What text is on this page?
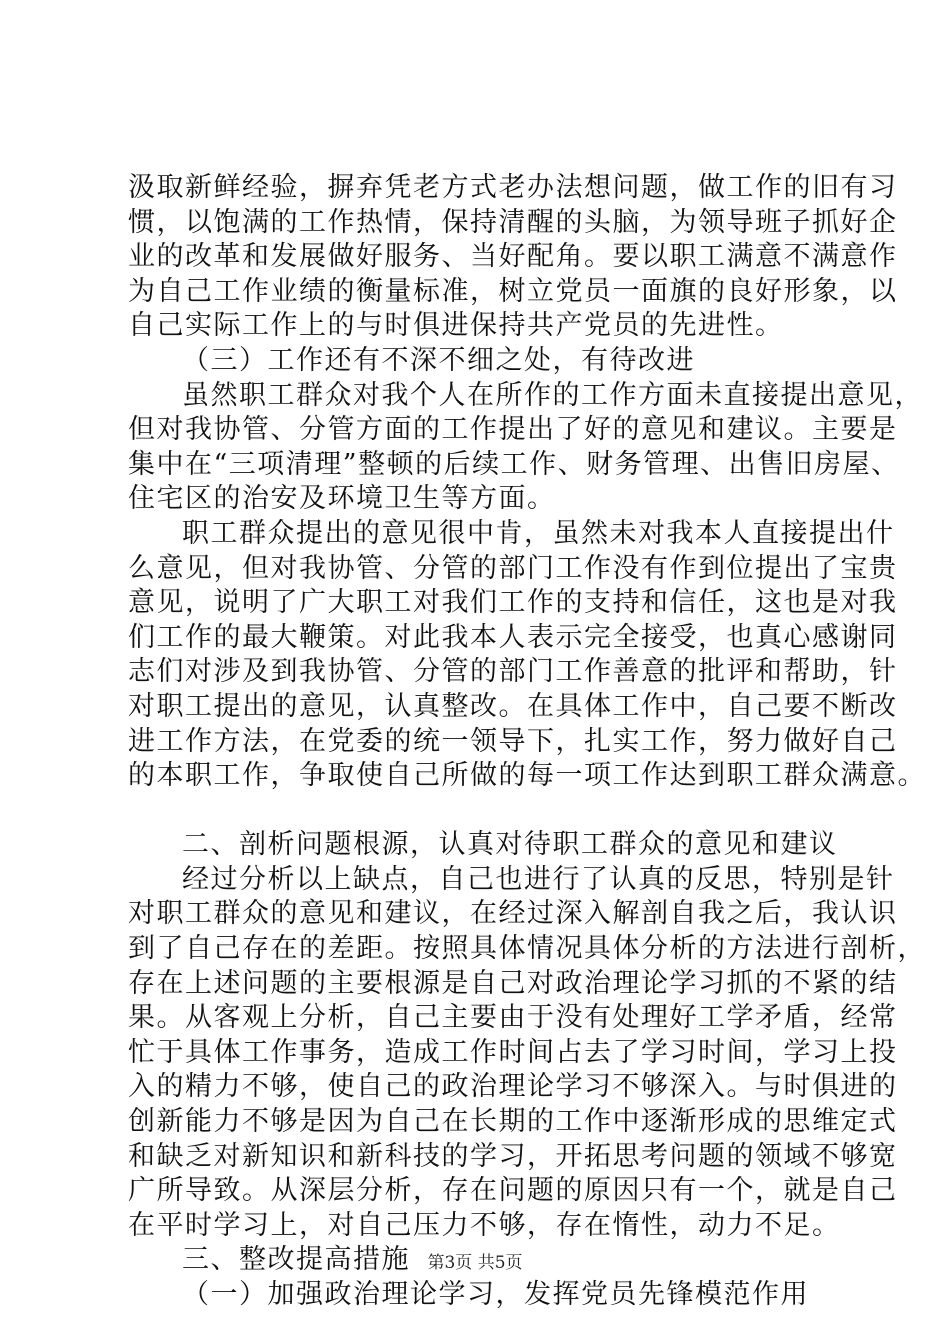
汲取新鲜经验，摒弃凭老方式老办法想问题，做工作的旧有习
惯，以饱满的工作热情，保持清醒的头脑，为领导班子抓好企
业的改革和发展做好服务、当好配角。要以职工满意不满意作
为自己工作业绩的衡量标准，树立党员一面旗的良好形象，以
自己实际工作上的与时俱进保持共产党员的先进性。
（三）工作还有不深不细之处，有待改进
虽然职工群众对我个人在所作的工作方面未直接提出意见，
但对我协管、分管方面的工作提出了好的意见和建议。主要是
集中在“三项清理”整顿的后续工作、财务管理、出售旧房屋、
住宅区的治安及环境卫生等方面。
职工群众提出的意见很中肯，虽然未对我本人直接提出什
么意见，但对我协管、分管的部门工作没有作到位提出了宝贵
意见，说明了广大职工对我们工作的支持和信任，这也是对我
们工作的最大鞭策。对此我本人表示完全接受，也真心感谢同
志们对涉及到我协管、分管的部门工作善意的批评和帮助，针
对职工提出的意见，认真整改。在具体工作中，自己要不断改
进工作方法，在党委的统一领导下，扎实工作，努力做好自己
的本职工作，争取使自己所做的每一项工作达到职工群众满意。
二、剖析问题根源，认真对待职工群众的意见和建议
经过分析以上缺点，自己也进行了认真的反思，特别是针
对职工群众的意见和建议，在经过深入解剖自我之后，我认识
到了自己存在的差距。按照具体情况具体分析的方法进行剖析，
存在上述问题的主要根源是自己对政治理论学习抓的不紧的结
果。从客观上分析，自己主要由于没有处理好工学矛盾，经常
忙于具体工作事务，造成工作时间占去了学习时间，学习上投
入的精力不够，使自己的政治理论学习不够深入。与时俱进的
创新能力不够是因为自己在长期的工作中逐渐形成的思维定式
和缺乏对新知识和新科技的学习，开拓思考问题的领域不够宽
广所导致。从深层分析，存在问题的原因只有一个，就是自己
在平时学习上，对自己压力不够，存在惰性，动力不足。
三、整改提高措施
（一）加强政治理论学习，发挥党员先锋模范作用
第3页 共5页
